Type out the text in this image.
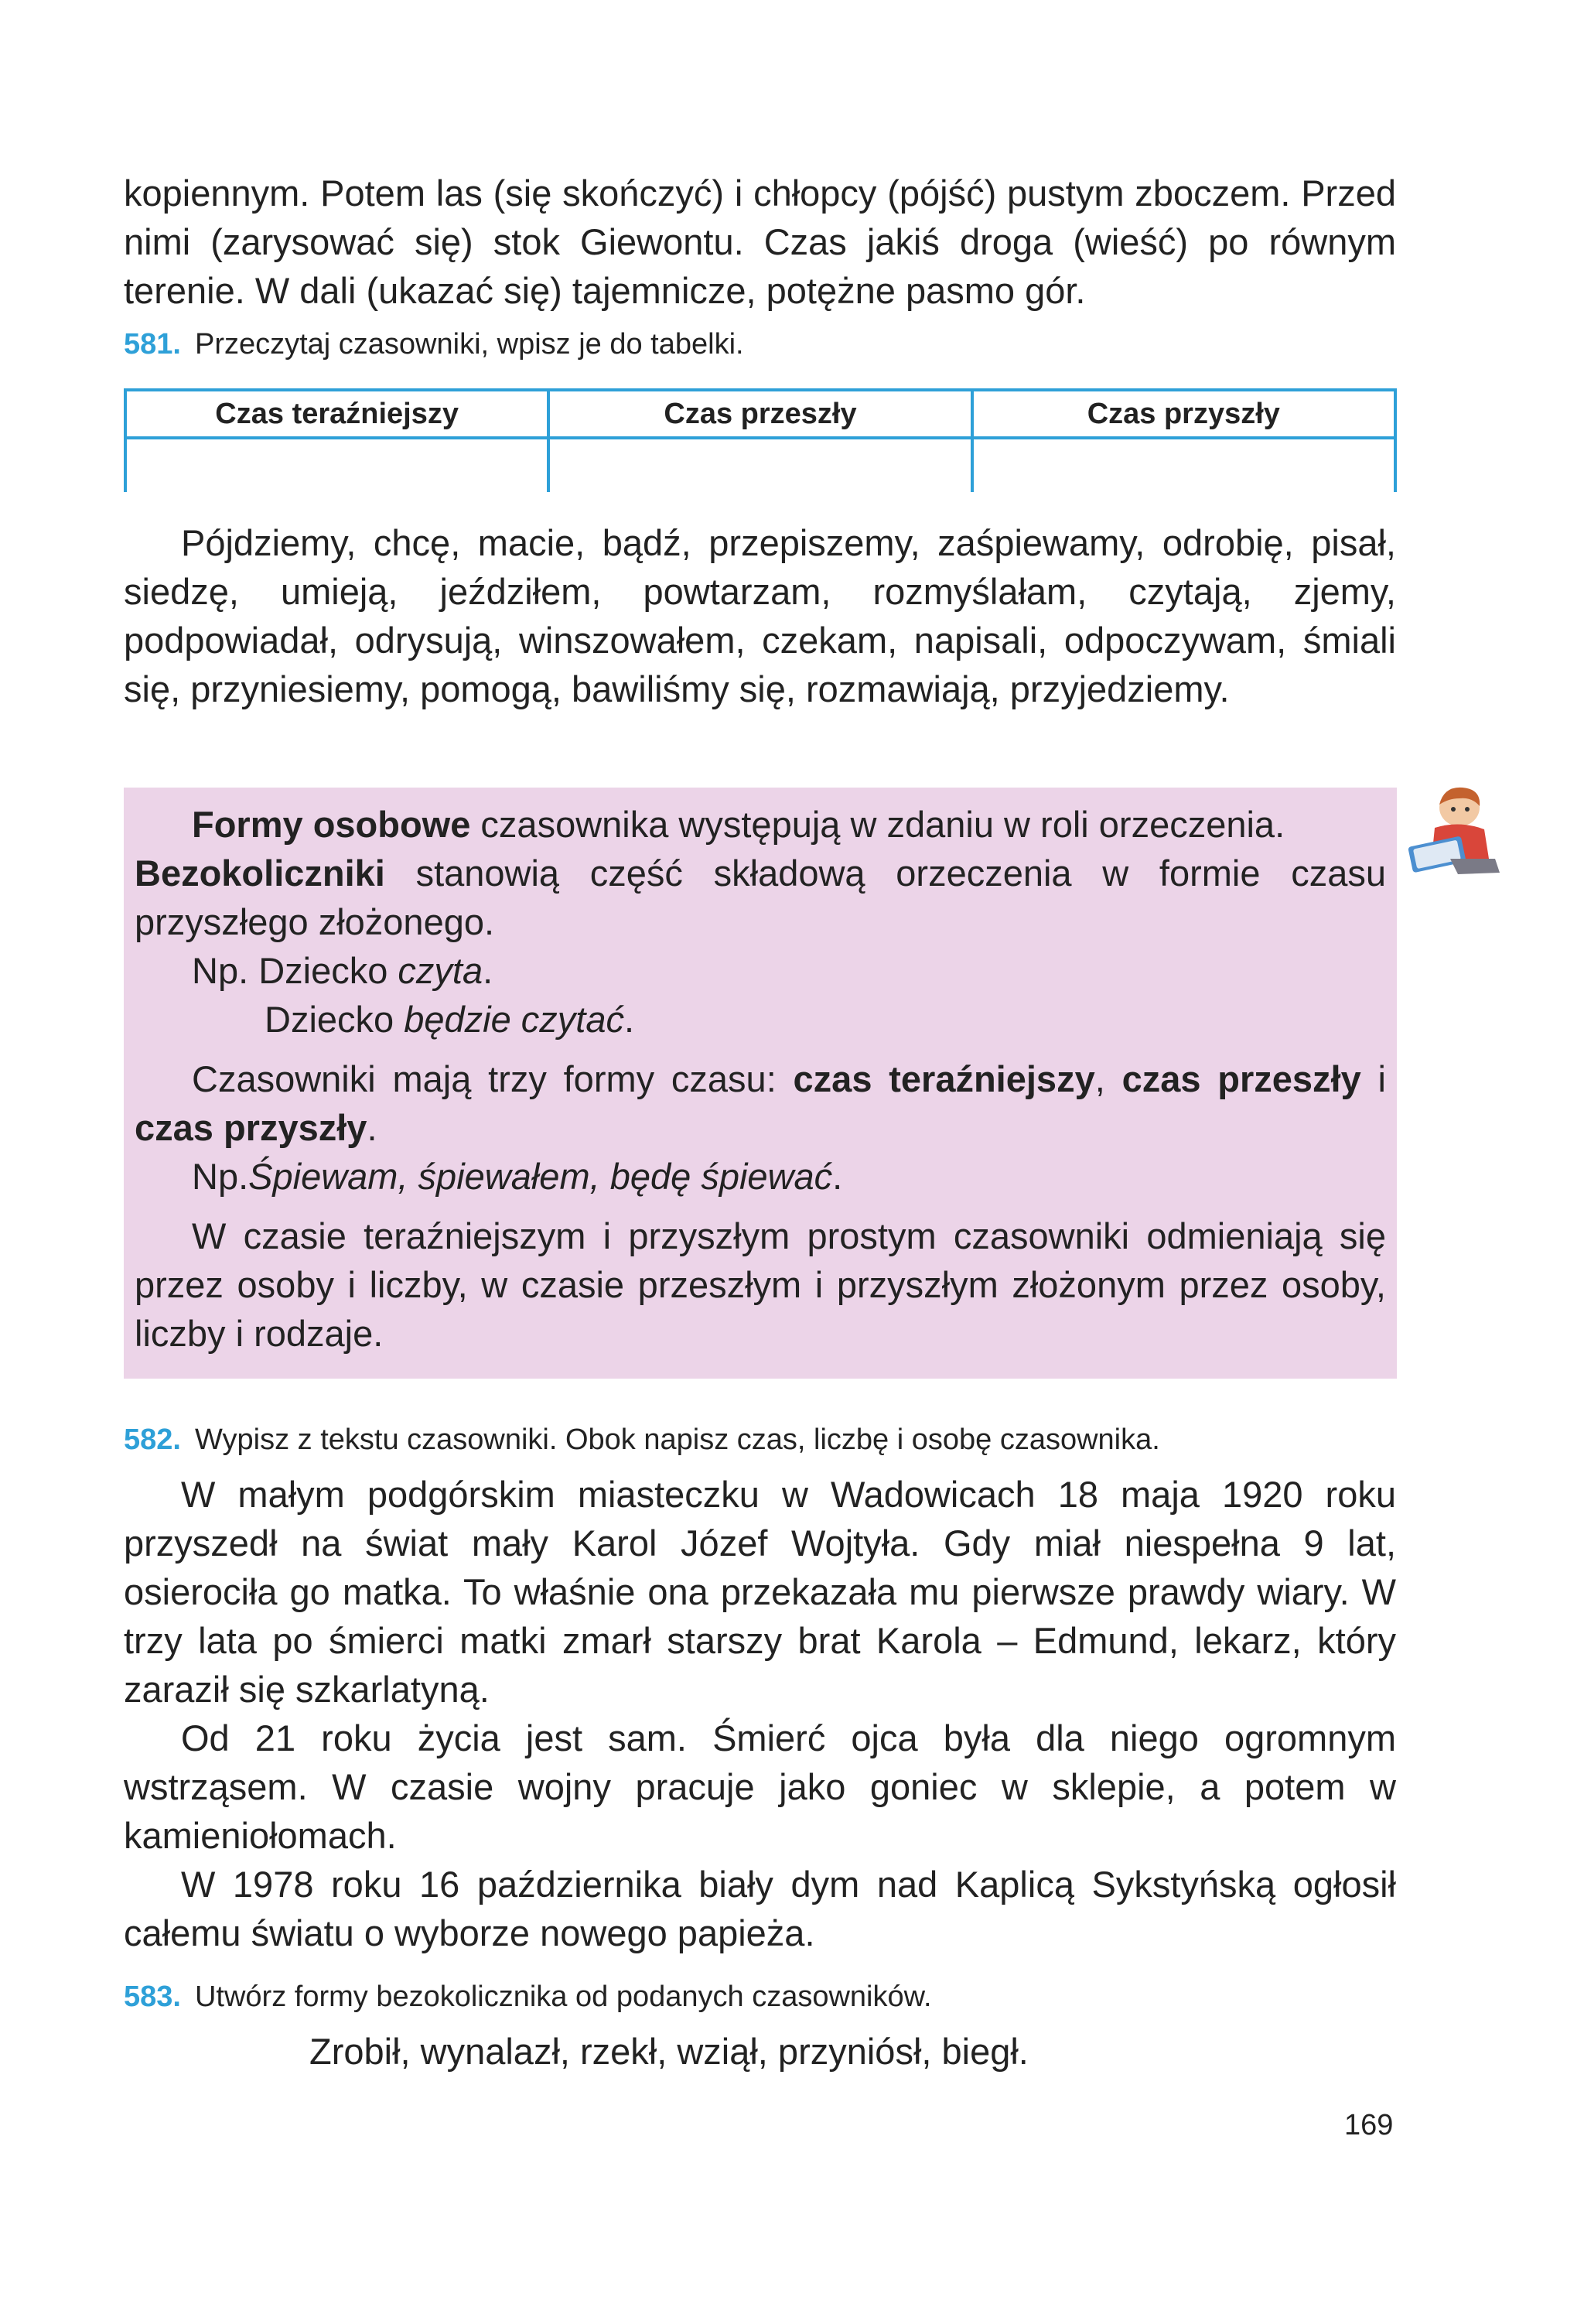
kopiennym. Potem las (się skończyć) i chłopcy (pójść) pustym zboczem. Przed nimi (zarysować się) stok Giewontu. Czas jakiś droga (wieść) po równym terenie. W dali (ukazać się) tajemnicze, potężne pasmo gór.

581. Przeczytaj czasowniki, wpisz je do tabelki.
Czas teraźniejszy	Czas przeszły	Czas przyszły

Pójdziemy, chcę, macie, bądź, przepiszemy, zaśpiewamy, odrobię, pisał, siedzę, umieją, jeździłem, powtarzam, rozmyślałam, czytają, zjemy, podpowiadał, odrysują, winszowałem, czekam, napisali, odpoczywam, śmiali się, przyniesiemy, pomogą, bawiliśmy się, rozmawiają, przyjedziemy.

Formy osobowe czasownika występują w zdaniu w roli orzeczenia.

Bezokoliczniki stanowią część składową orzeczenia w formie czasu przyszłego złożonego.

Np. Dziecko czyta.

Dziecko będzie czytać.

Czasowniki mają trzy formy czasu: czas teraźniejszy, czas przeszły i czas przyszły.

Np.Śpiewam, śpiewałem, będę śpiewać.

W czasie teraźniejszym i przyszłym prostym czasowniki odmieniają się przez osoby i liczby, w czasie przeszłym i przyszłym złożonym przez osoby, liczby i rodzaje.

582. Wypisz z tekstu czasowniki. Obok napisz czas, liczbę i osobę czasownika.

W małym podgórskim miasteczku w Wadowicach 18 maja 1920 roku przyszedł na świat mały Karol Józef Wojtyła. Gdy miał niespełna 9 lat, osierociła go matka. To właśnie ona przekazała mu pierwsze prawdy wiary. W trzy lata po śmierci matki zmarł starszy brat Karola – Edmund, lekarz, który zaraził się szkarlatyną.

Od 21 roku życia jest sam. Śmierć ojca była dla niego ogromnym wstrząsem. W czasie wojny pracuje jako goniec w sklepie, a potem w kamieniołomach.

W 1978 roku 16 października biały dym nad Kaplicą Sykstyńską ogłosił całemu światu o wyborze nowego papieża.

583. Utwórz formy bezokolicznika od podanych czasowników.
Zrobił, wynalazł, rzekł, wziął, przyniósł, biegł.
169
